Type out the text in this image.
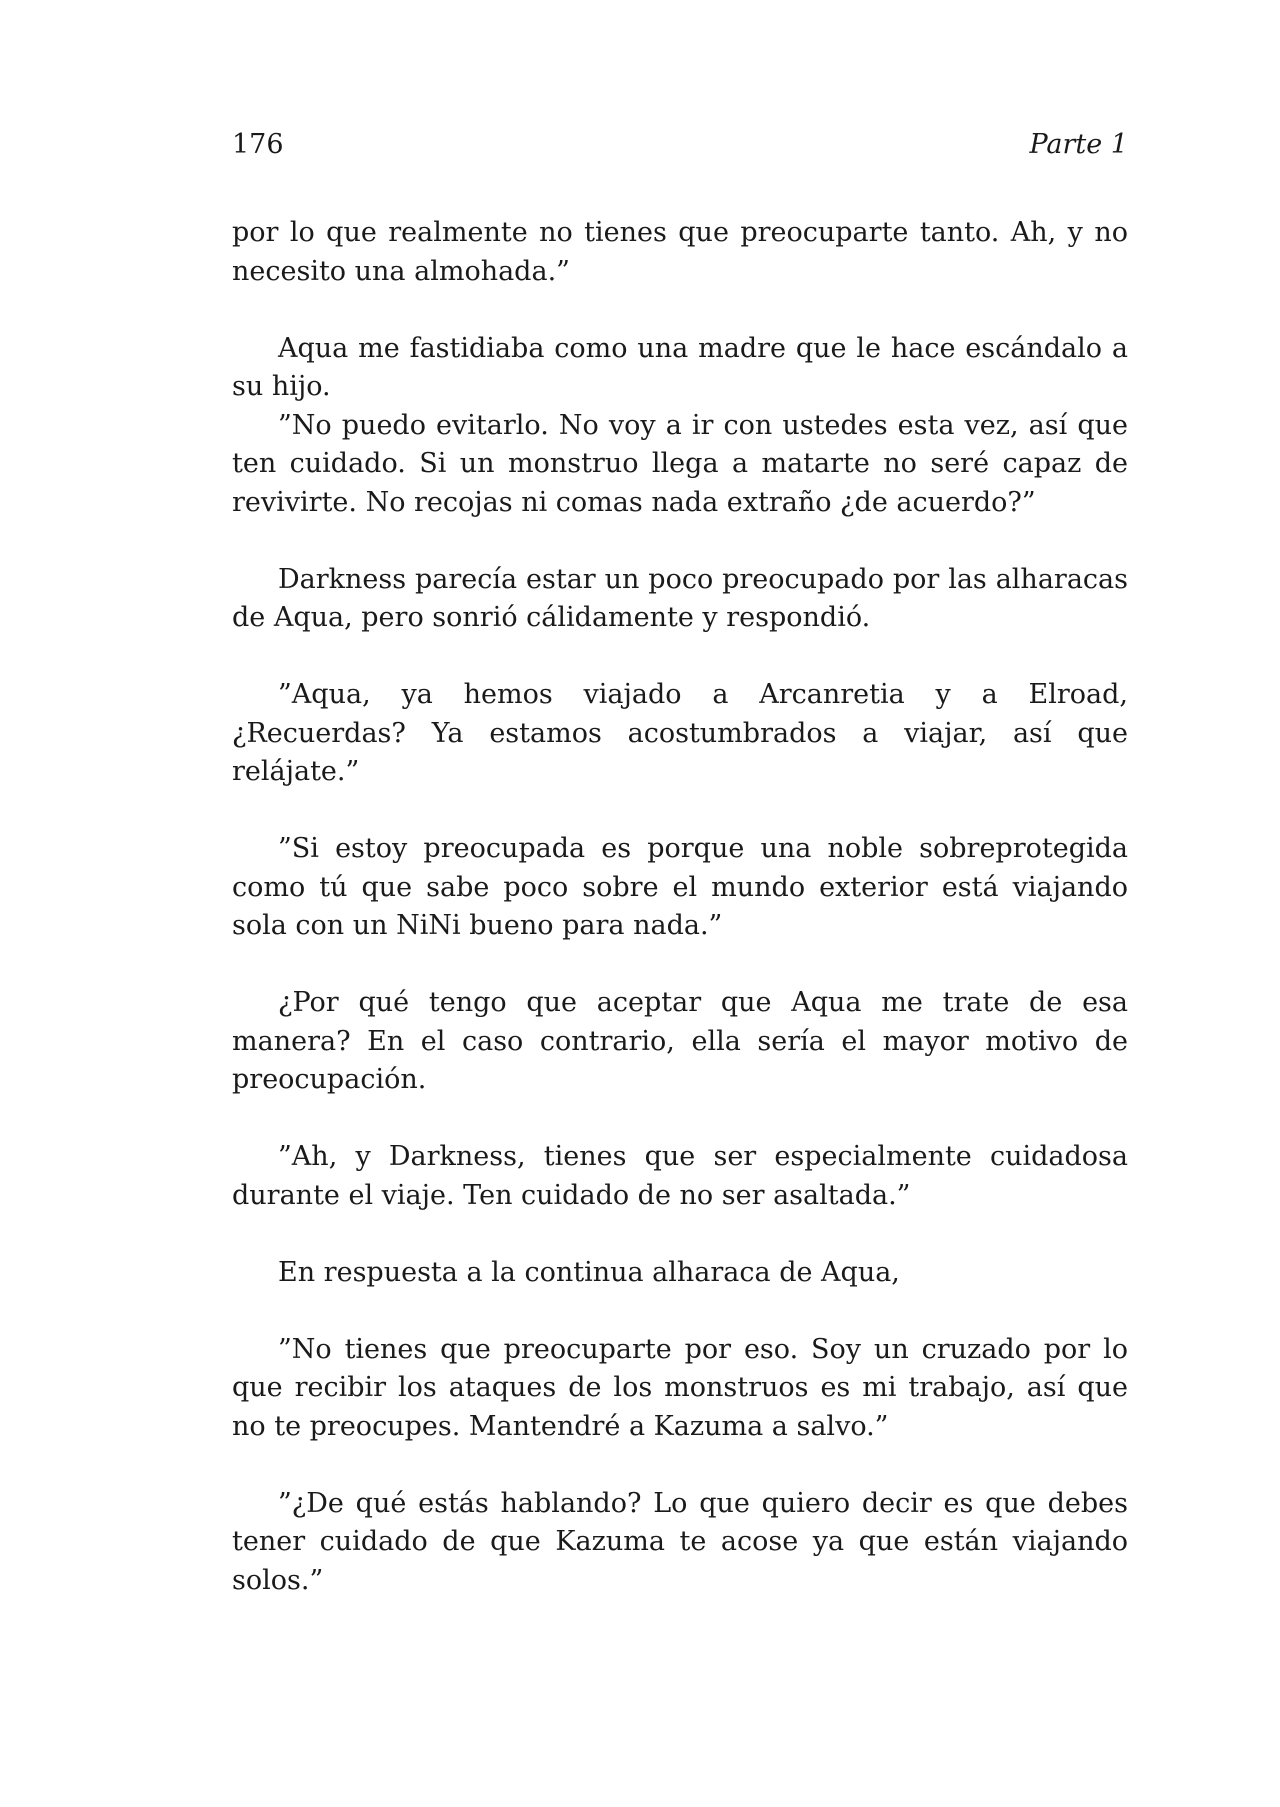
176	Parte 1

por lo que realmente no tienes que preocuparte tanto. Ah, y no necesito una almohada.”

Aqua me fastidiaba como una madre que le hace escándalo a su hijo.

”No puedo evitarlo. No voy a ir con ustedes esta vez, así que ten cuidado. Si un monstruo llega a matarte no seré capaz de revivirte. No recojas ni comas nada extraño ¿de acuerdo?”

Darkness parecía estar un poco preocupado por las alharacas de Aqua, pero sonrió cálidamente y respondió.

”Aqua, ya hemos viajado a Arcanretia y a Elroad, ¿Recuerdas? Ya estamos acostumbrados a viajar, así que relájate.”

”Si estoy preocupada es porque una noble sobreprotegida como tú que sabe poco sobre el mundo exterior está viajando sola con un NiNi bueno para nada.”

¿Por qué tengo que aceptar que Aqua me trate de esa manera? En el caso contrario, ella sería el mayor motivo de preocupación.

”Ah, y Darkness, tienes que ser especialmente cuidadosa durante el viaje. Ten cuidado de no ser asaltada.”

En respuesta a la continua alharaca de Aqua,

”No tienes que preocuparte por eso. Soy un cruzado por lo que recibir los ataques de los monstruos es mi trabajo, así que no te preocupes. Mantendré a Kazuma a salvo.”

”¿De qué estás hablando? Lo que quiero decir es que debes tener cuidado de que Kazuma te acose ya que están viajando solos.”
